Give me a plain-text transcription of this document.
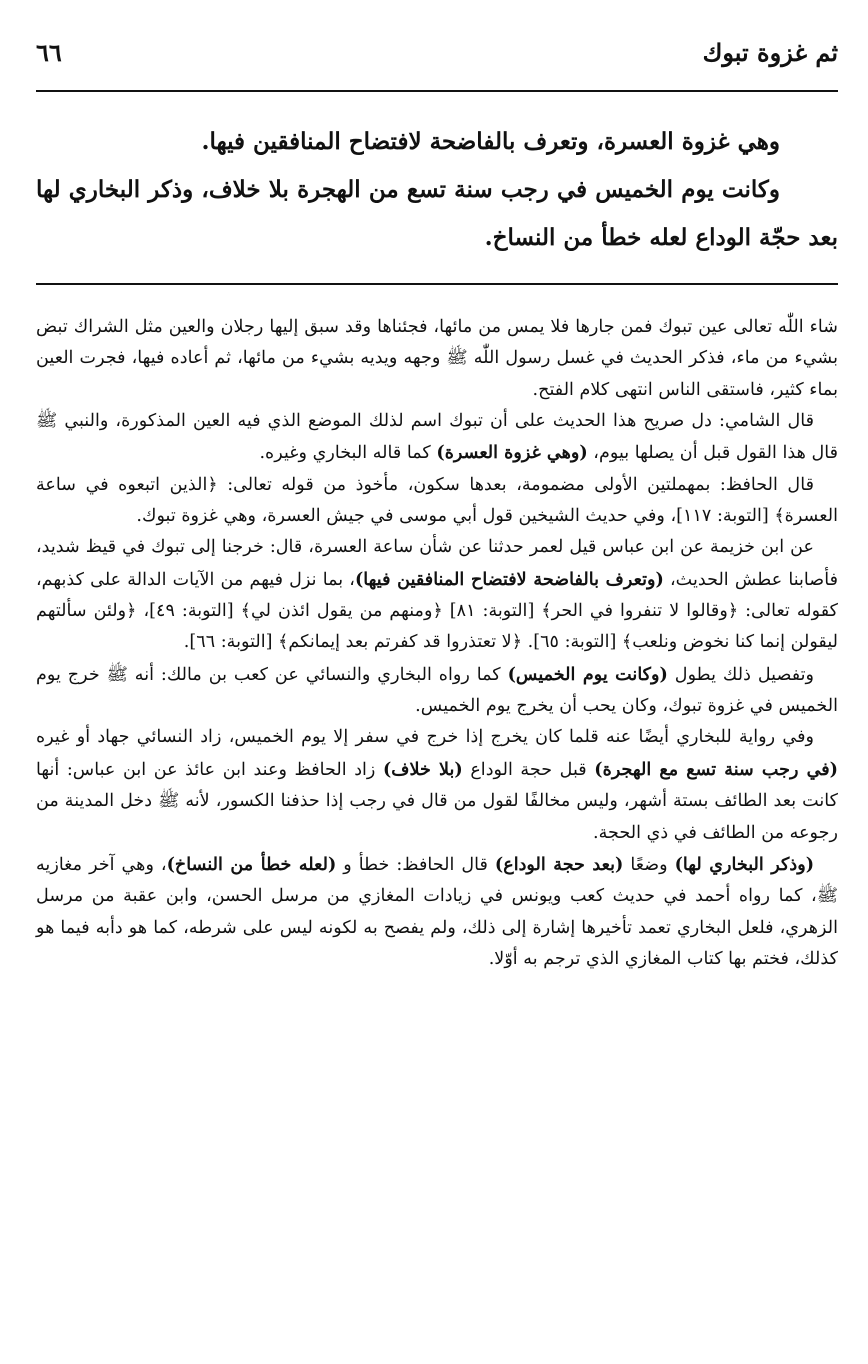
ثم غزوة تبوك
٦٦

وهي غزوة العسرة، وتعرف بالفاضحة لافتضاح المنافقين فيها.

وكانت يوم الخميس في رجب سنة تسع من الهجرة بلا خلاف، وذكر البخاري لها بعد حجّة الوداع لعله خطأ من النساخ.

شاء اللّٰه تعالى عين تبوك فمن جارها فلا يمس من مائها، فجئناها وقد سبق إليها رجلان والعين مثل الشراك تبض بشيء من ماء، فذكر الحديث في غسل رسول اللّٰه ﷺ وجهه ويديه بشيء من مائها، ثم أعاده فيها، فجرت العين بماء كثير، فاستقى الناس انتهى كلام الفتح.

قال الشامي: دل صريح هذا الحديث على أن تبوك اسم لذلك الموضع الذي فيه العين المذكورة، والنبي ﷺ قال هذا القول قبل أن يصلها بيوم، (وهي غزوة العسرة) كما قاله البخاري وغيره.

قال الحافظ: بمهملتين الأولى مضمومة، بعدها سكون، مأخوذ من قوله تعالى: ﴿الذين اتبعوه في ساعة العسرة﴾ [التوبة: ١١٧]، وفي حديث الشيخين قول أبي موسى في جيش العسرة، وهي غزوة تبوك.

عن ابن خزيمة عن ابن عباس قيل لعمر حدثنا عن شأن ساعة العسرة، قال: خرجنا إلى تبوك في قيظ شديد، فأصابنا عطش الحديث، (وتعرف بالفاضحة لافتضاح المنافقين فيها)، بما نزل فيهم من الآيات الدالة على كذبهم، كقوله تعالى: ﴿وقالوا لا تنفروا في الحر﴾ [التوبة: ٨١] ﴿ومنهم من يقول ائذن لي﴾ [التوبة: ٤٩]، ﴿ولئن سألتهم ليقولن إنما كنا نخوض ونلعب﴾ [التوبة: ٦٥]. ﴿لا تعتذروا قد كفرتم بعد إيمانكم﴾ [التوبة: ٦٦].

وتفصيل ذلك يطول (وكانت يوم الخميس) كما رواه البخاري والنسائي عن كعب بن مالك: أنه ﷺ خرج يوم الخميس في غزوة تبوك، وكان يحب أن يخرج يوم الخميس.

وفي رواية للبخاري أيضًا عنه قلما كان يخرج إذا خرج في سفر إلا يوم الخميس، زاد النسائي جهاد أو غيره (في رجب سنة تسع مع الهجرة) قبل حجة الوداع (بلا خلاف) زاد الحافظ وعند ابن عائذ عن ابن عباس: أنها كانت بعد الطائف بستة أشهر، وليس مخالفًا لقول من قال في رجب إذا حذفنا الكسور، لأنه ﷺ دخل المدينة من رجوعه من الطائف في ذي الحجة.

(وذكر البخاري لها) وضعًا (بعد حجة الوداع) قال الحافظ: خطأ و (لعله خطأ من النساخ)، وهي آخر مغازيه ﷺ، كما رواه أحمد في حديث كعب ويونس في زيادات المغازي من مرسل الحسن، وابن عقبة من مرسل الزهري، فلعل البخاري تعمد تأخيرها إشارة إلى ذلك، ولم يفصح به لكونه ليس على شرطه، كما هو دأبه فيما هو كذلك، فختم بها كتاب المغازي الذي ترجم به أوّلا.
